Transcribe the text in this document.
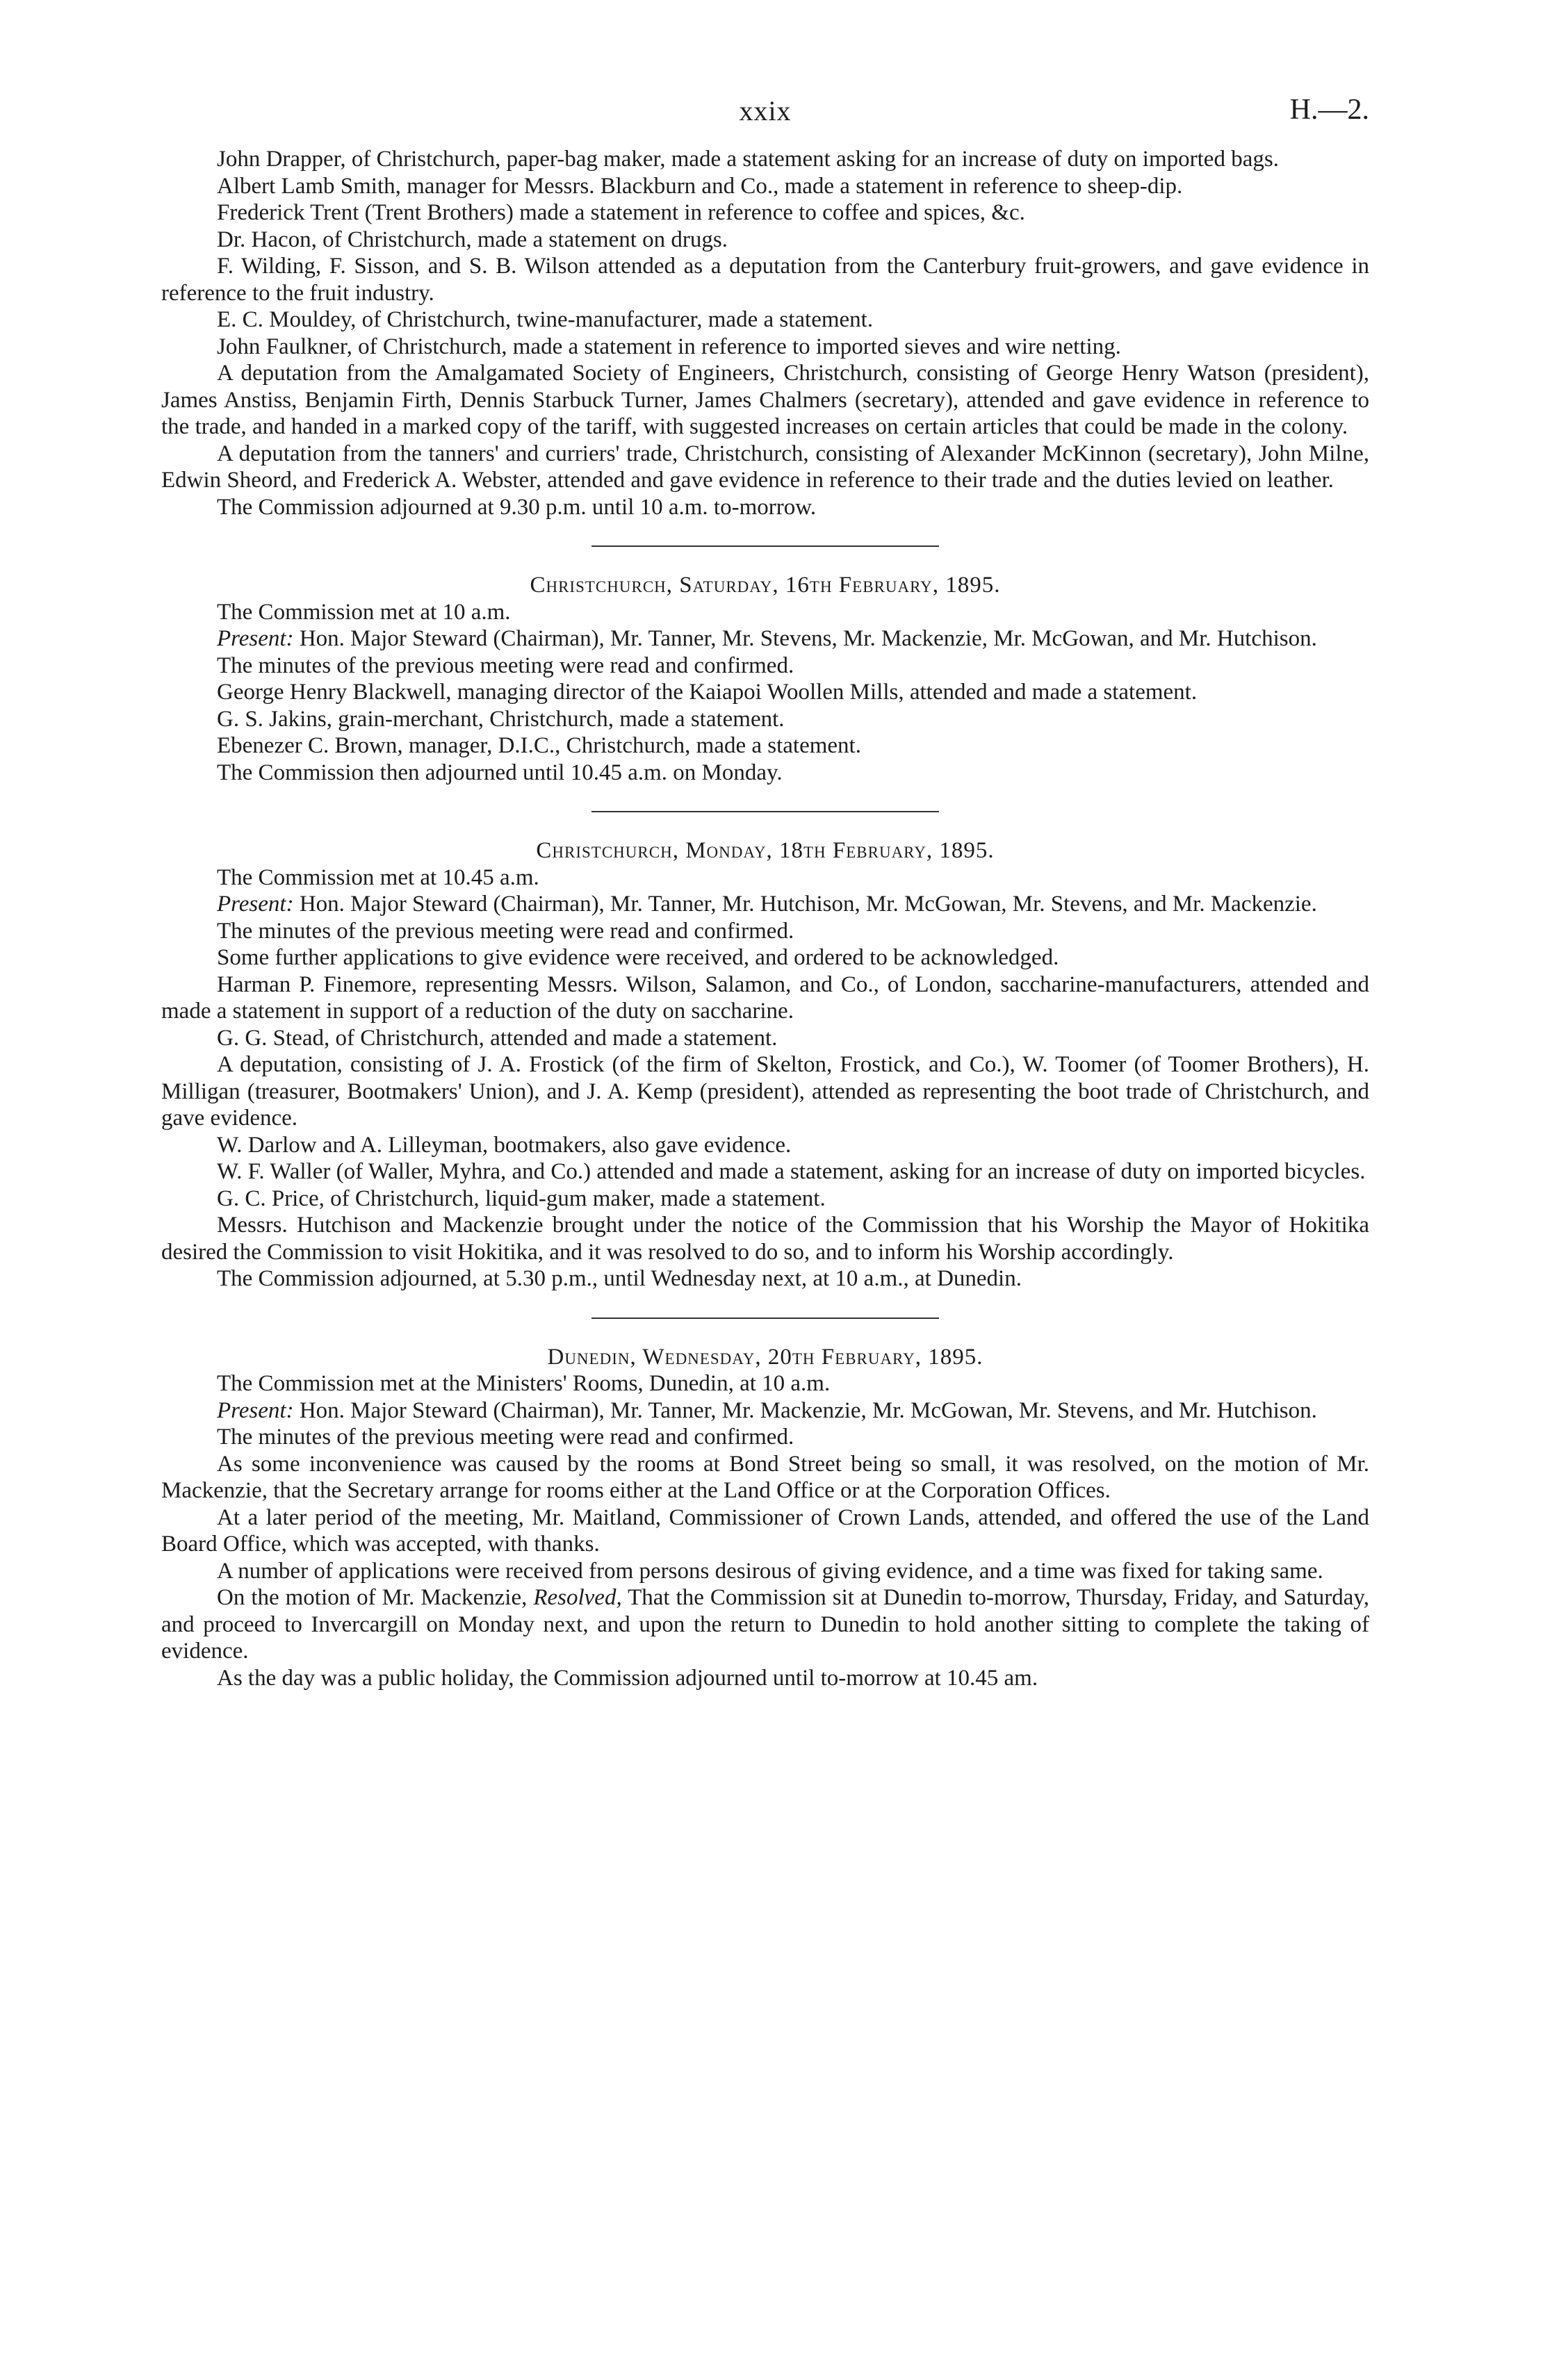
xxix	H.—2.

John Drapper, of Christchurch, paper-bag maker, made a statement asking for an increase of duty on imported bags.

Albert Lamb Smith, manager for Messrs. Blackburn and Co., made a statement in reference to sheep-dip.

Frederick Trent (Trent Brothers) made a statement in reference to coffee and spices, &c.

Dr. Hacon, of Christchurch, made a statement on drugs.

F. Wilding, F. Sisson, and S. B. Wilson attended as a deputation from the Canterbury fruit-growers, and gave evidence in reference to the fruit industry.

E. C. Mouldey, of Christchurch, twine-manufacturer, made a statement.

John Faulkner, of Christchurch, made a statement in reference to imported sieves and wire netting.

A deputation from the Amalgamated Society of Engineers, Christchurch, consisting of George Henry Watson (president), James Anstiss, Benjamin Firth, Dennis Starbuck Turner, James Chalmers (secretary), attended and gave evidence in reference to the trade, and handed in a marked copy of the tariff, with suggested increases on certain articles that could be made in the colony.

A deputation from the tanners' and curriers' trade, Christchurch, consisting of Alexander McKinnon (secretary), John Milne, Edwin Sheord, and Frederick A. Webster, attended and gave evidence in reference to their trade and the duties levied on leather.

The Commission adjourned at 9.30 p.m. until 10 a.m. to-morrow.

Christchurch, Saturday, 16th February, 1895.

The Commission met at 10 a.m.

Present: Hon. Major Steward (Chairman), Mr. Tanner, Mr. Stevens, Mr. Mackenzie, Mr. McGowan, and Mr. Hutchison.

The minutes of the previous meeting were read and confirmed.

George Henry Blackwell, managing director of the Kaiapoi Woollen Mills, attended and made a statement.

G. S. Jakins, grain-merchant, Christchurch, made a statement.

Ebenezer C. Brown, manager, D.I.C., Christchurch, made a statement.

The Commission then adjourned until 10.45 a.m. on Monday.

Christchurch, Monday, 18th February, 1895.

The Commission met at 10.45 a.m.

Present: Hon. Major Steward (Chairman), Mr. Tanner, Mr. Hutchison, Mr. McGowan, Mr. Stevens, and Mr. Mackenzie.

The minutes of the previous meeting were read and confirmed.

Some further applications to give evidence were received, and ordered to be acknowledged.

Harman P. Finemore, representing Messrs. Wilson, Salamon, and Co., of London, saccharine-manufacturers, attended and made a statement in support of a reduction of the duty on saccharine.

G. G. Stead, of Christchurch, attended and made a statement.

A deputation, consisting of J. A. Frostick (of the firm of Skelton, Frostick, and Co.), W. Toomer (of Toomer Brothers), H. Milligan (treasurer, Bootmakers' Union), and J. A. Kemp (president), attended as representing the boot trade of Christchurch, and gave evidence.

W. Darlow and A. Lilleyman, bootmakers, also gave evidence.

W. F. Waller (of Waller, Myhra, and Co.) attended and made a statement, asking for an increase of duty on imported bicycles.

G. C. Price, of Christchurch, liquid-gum maker, made a statement.

Messrs. Hutchison and Mackenzie brought under the notice of the Commission that his Worship the Mayor of Hokitika desired the Commission to visit Hokitika, and it was resolved to do so, and to inform his Worship accordingly.

The Commission adjourned, at 5.30 p.m., until Wednesday next, at 10 a.m., at Dunedin.

Dunedin, Wednesday, 20th February, 1895.

The Commission met at the Ministers' Rooms, Dunedin, at 10 a.m.

Present: Hon. Major Steward (Chairman), Mr. Tanner, Mr. Mackenzie, Mr. McGowan, Mr. Stevens, and Mr. Hutchison.

The minutes of the previous meeting were read and confirmed.

As some inconvenience was caused by the rooms at Bond Street being so small, it was resolved, on the motion of Mr. Mackenzie, that the Secretary arrange for rooms either at the Land Office or at the Corporation Offices.

At a later period of the meeting, Mr. Maitland, Commissioner of Crown Lands, attended, and offered the use of the Land Board Office, which was accepted, with thanks.

A number of applications were received from persons desirous of giving evidence, and a time was fixed for taking same.

On the motion of Mr. Mackenzie, Resolved, That the Commission sit at Dunedin to-morrow, Thursday, Friday, and Saturday, and proceed to Invercargill on Monday next, and upon the return to Dunedin to hold another sitting to complete the taking of evidence.

As the day was a public holiday, the Commission adjourned until to-morrow at 10.45 am.
